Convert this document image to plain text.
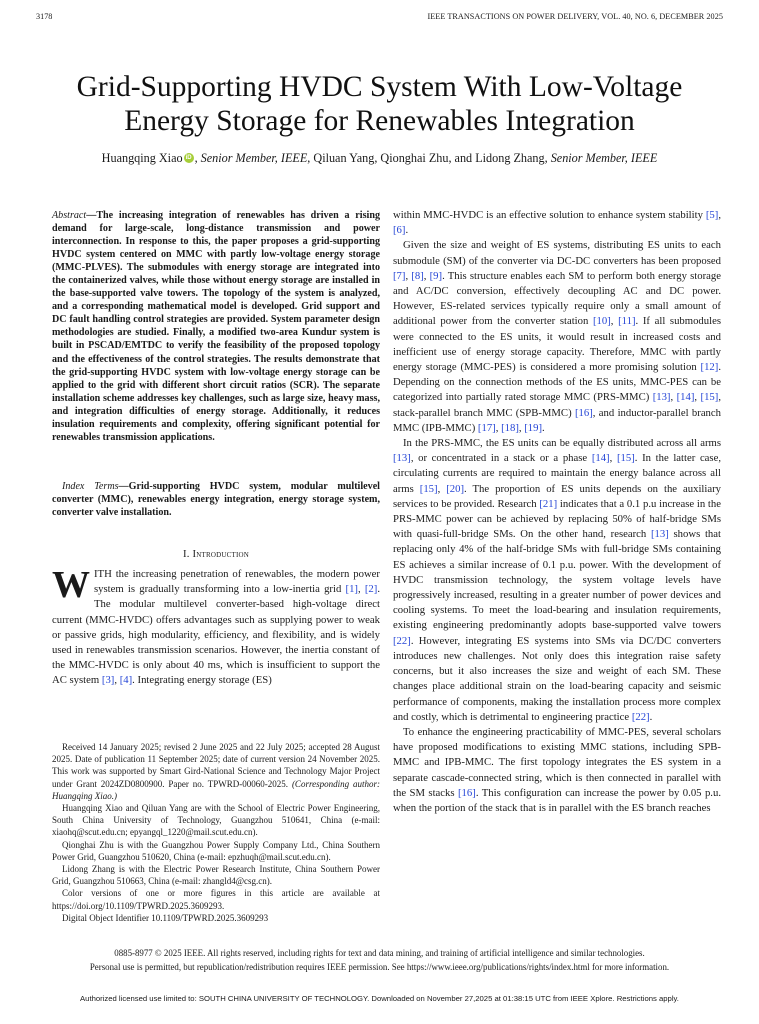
3178	IEEE TRANSACTIONS ON POWER DELIVERY, VOL. 40, NO. 6, DECEMBER 2025
Grid-Supporting HVDC System With Low-Voltage
Energy Storage for Renewables Integration
Huangqing Xiao iD , Senior Member, IEEE, Qiluan Yang, Qionghai Zhu, and Lidong Zhang, Senior Member, IEEE
Abstract—The increasing integration of renewables has driven a rising demand for large-scale, long-distance transmission and power interconnection. In response to this, the paper proposes a grid-supporting HVDC system centered on MMC with partly low-voltage energy storage (MMC-PLVES). The submodules with energy storage are integrated into the containerized valves, while those without energy storage are installed in the base-supported valve towers. The topology of the system is analyzed, and a corresponding mathematical model is developed. Grid support and DC fault handling control strategies are provided. System parameter design methodologies are studied. Finally, a modified two-area Kundur system is built in PSCAD/EMTDC to verify the feasibility of the proposed topology and the effectiveness of the control strategies. The results demonstrate that the grid-supporting HVDC system with low-voltage energy storage can be applied to the grid with different short circuit ratios (SCR). The separate installation scheme addresses key challenges, such as large size, heavy mass, and integration difficulties of energy storage. Additionally, it reduces insulation requirements and complexity, offering significant potential for renewables transmission applications.

Index Terms—Grid-supporting HVDC system, modular multilevel converter (MMC), renewables energy integration, energy storage system, converter valve installation.

I. Introduction

WITH the increasing penetration of renewables, the modern power system is gradually transforming into a low-inertia grid [1], [2]. The modular multilevel converter-based high-voltage direct current (MMC-HVDC) offers advantages such as supplying power to weak or passive grids, high modularity, efficiency, and flexibility, and is widely used in renewables transmission scenarios. However, the inertia constant of the MMC-HVDC is only about 40 ms, which is insufficient to support the AC system [3], [4]. Integrating energy storage (ES)

Received 14 January 2025; revised 2 June 2025 and 22 July 2025; accepted 28 August 2025. Date of publication 11 September 2025; date of current version 24 November 2025. This work was supported by Smart Gird-National Science and Technology Major Project under Grant 2024ZD0800900. Paper no. TPWRD-00060-2025. (Corresponding author: Huangqing Xiao.)

Huangqing Xiao and Qiluan Yang are with the School of Electric Power Engineering, South China University of Technology, Guangzhou 510641, China (e-mail: xiaohq@scut.edu.cn; epyangql_1220@mail.scut.edu.cn).

Qionghai Zhu is with the Guangzhou Power Supply Company Ltd., China Southern Power Grid, Guangzhou 510620, China (e-mail: epzhuqh@mail.scut.edu.cn).

Lidong Zhang is with the Electric Power Research Institute, China Southern Power Grid, Guangzhou 510663, China (e-mail: zhangld4@csg.cn).

Color versions of one or more figures in this article are available at https://doi.org/10.1109/TPWRD.2025.3609293.

Digital Object Identifier 10.1109/TPWRD.2025.3609293

within MMC-HVDC is an effective solution to enhance system stability [5], [6].

Given the size and weight of ES systems, distributing ES units to each submodule (SM) of the converter via DC-DC converters has been proposed [7], [8], [9]. This structure enables each SM to perform both energy storage and AC/DC conversion, effectively decoupling AC and DC power. However, ES-related services typically require only a small amount of additional power from the converter station [10], [11]. If all submodules were connected to the ES units, it would result in increased costs and inefficient use of energy storage capacity. Therefore, MMC with partly energy storage (MMC-PES) is considered a more promising solution [12]. Depending on the connection methods of the ES units, MMC-PES can be categorized into partially rated storage MMC (PRS-MMC) [13], [14], [15], stack-parallel branch MMC (SPB-MMC) [16], and inductor-parallel branch MMC (IPB-MMC) [17], [18], [19].

In the PRS-MMC, the ES units can be equally distributed across all arms [13], or concentrated in a stack or a phase [14], [15]. In the latter case, circulating currents are required to maintain the energy balance across all arms [15], [20]. The proportion of ES units depends on the auxiliary services to be provided. Research [21] indicates that a 0.1 p.u increase in the PRS-MMC power can be achieved by replacing 50% of half-bridge SMs with quasi-full-bridge SMs. On the other hand, research [13] shows that replacing only 4% of the half-bridge SMs with full-bridge SMs containing ES achieves a similar increase of 0.1 p.u. power. With the development of HVDC transmission technology, the system voltage levels have progressively increased, resulting in a greater number of power devices and cooling systems. To meet the load-bearing and insulation requirements, existing engineering predominantly adopts base-supported valve towers [22]. However, integrating ES systems into SMs via DC/DC converters introduces new challenges. Not only does this integration raise safety concerns, but it also increases the size and weight of each SM. These changes place additional strain on the load-bearing capacity and seismic performance of components, making the installation process more complex and costly, which is detrimental to engineering practice [22].

To enhance the engineering practicability of MMC-PES, several scholars have proposed modifications to existing MMC stations, including SPB-MMC and IPB-MMC. The first topology integrates the ES system in a separate cascade-connected string, which is then connected in parallel with the SM stacks [16]. This configuration can increase the power by 0.05 p.u. when the portion of the stack that is in parallel with the ES branch reaches

0885-8977 © 2025 IEEE. All rights reserved, including rights for text and data mining, and training of artificial intelligence and similar technologies.
Personal use is permitted, but republication/redistribution requires IEEE permission. See https://www.ieee.org/publications/rights/index.html for more information.
Authorized licensed use limited to: SOUTH CHINA UNIVERSITY OF TECHNOLOGY. Downloaded on November 27,2025 at 01:38:15 UTC from IEEE Xplore. Restrictions apply.
